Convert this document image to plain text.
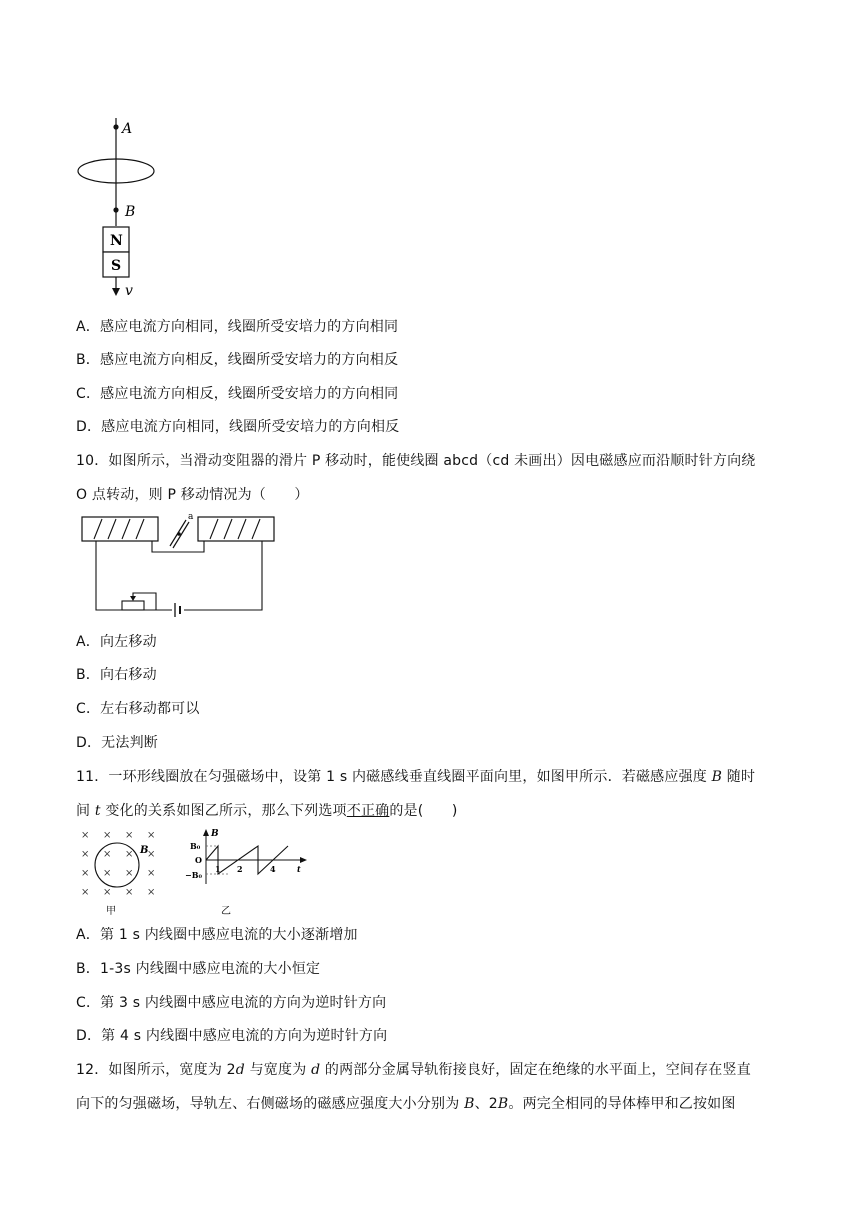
A
B
N
S
v
A．感应电流方向相同，线圈所受安培力的方向相同
B．感应电流方向相反，线圈所受安培力的方向相反
C．感应电流方向相反，线圈所受安培力的方向相同
D．感应电流方向相同，线圈所受安培力的方向相反
10．如图所示，当滑动变阻器的滑片 P 移动时，能使线圈 abcd（cd 未画出）因电磁感应而沿顺时针方向绕
O 点转动，则 P 移动情况为（　　）
a
A．向左移动
B．向右移动
C．左右移动都可以
D．无法判断
11．一环形线圈放在匀强磁场中，设第 1 s 内磁感线垂直线圈平面向里，如图甲所示．若磁感应强度 B 随时
间 t 变化的关系如图乙所示，那么下列选项不正确的是(　　)
× × × ×
×	×
×	×
×	×
× ×
× ×
× ×
B
甲
B
B₀
O
−B₀
1 2	4	t
乙
A．第 1 s 内线圈中感应电流的大小逐渐增加
B．1-3s 内线圈中感应电流的大小恒定
C．第 3 s 内线圈中感应电流的方向为逆时针方向
D．第 4 s 内线圈中感应电流的方向为逆时针方向
12．如图所示，宽度为 2d 与宽度为 d 的两部分金属导轨衔接良好，固定在绝缘的水平面上，空间存在竖直
向下的匀强磁场，导轨左、右侧磁场的磁感应强度大小分别为 B、2B。两完全相同的导体棒甲和乙按如图
